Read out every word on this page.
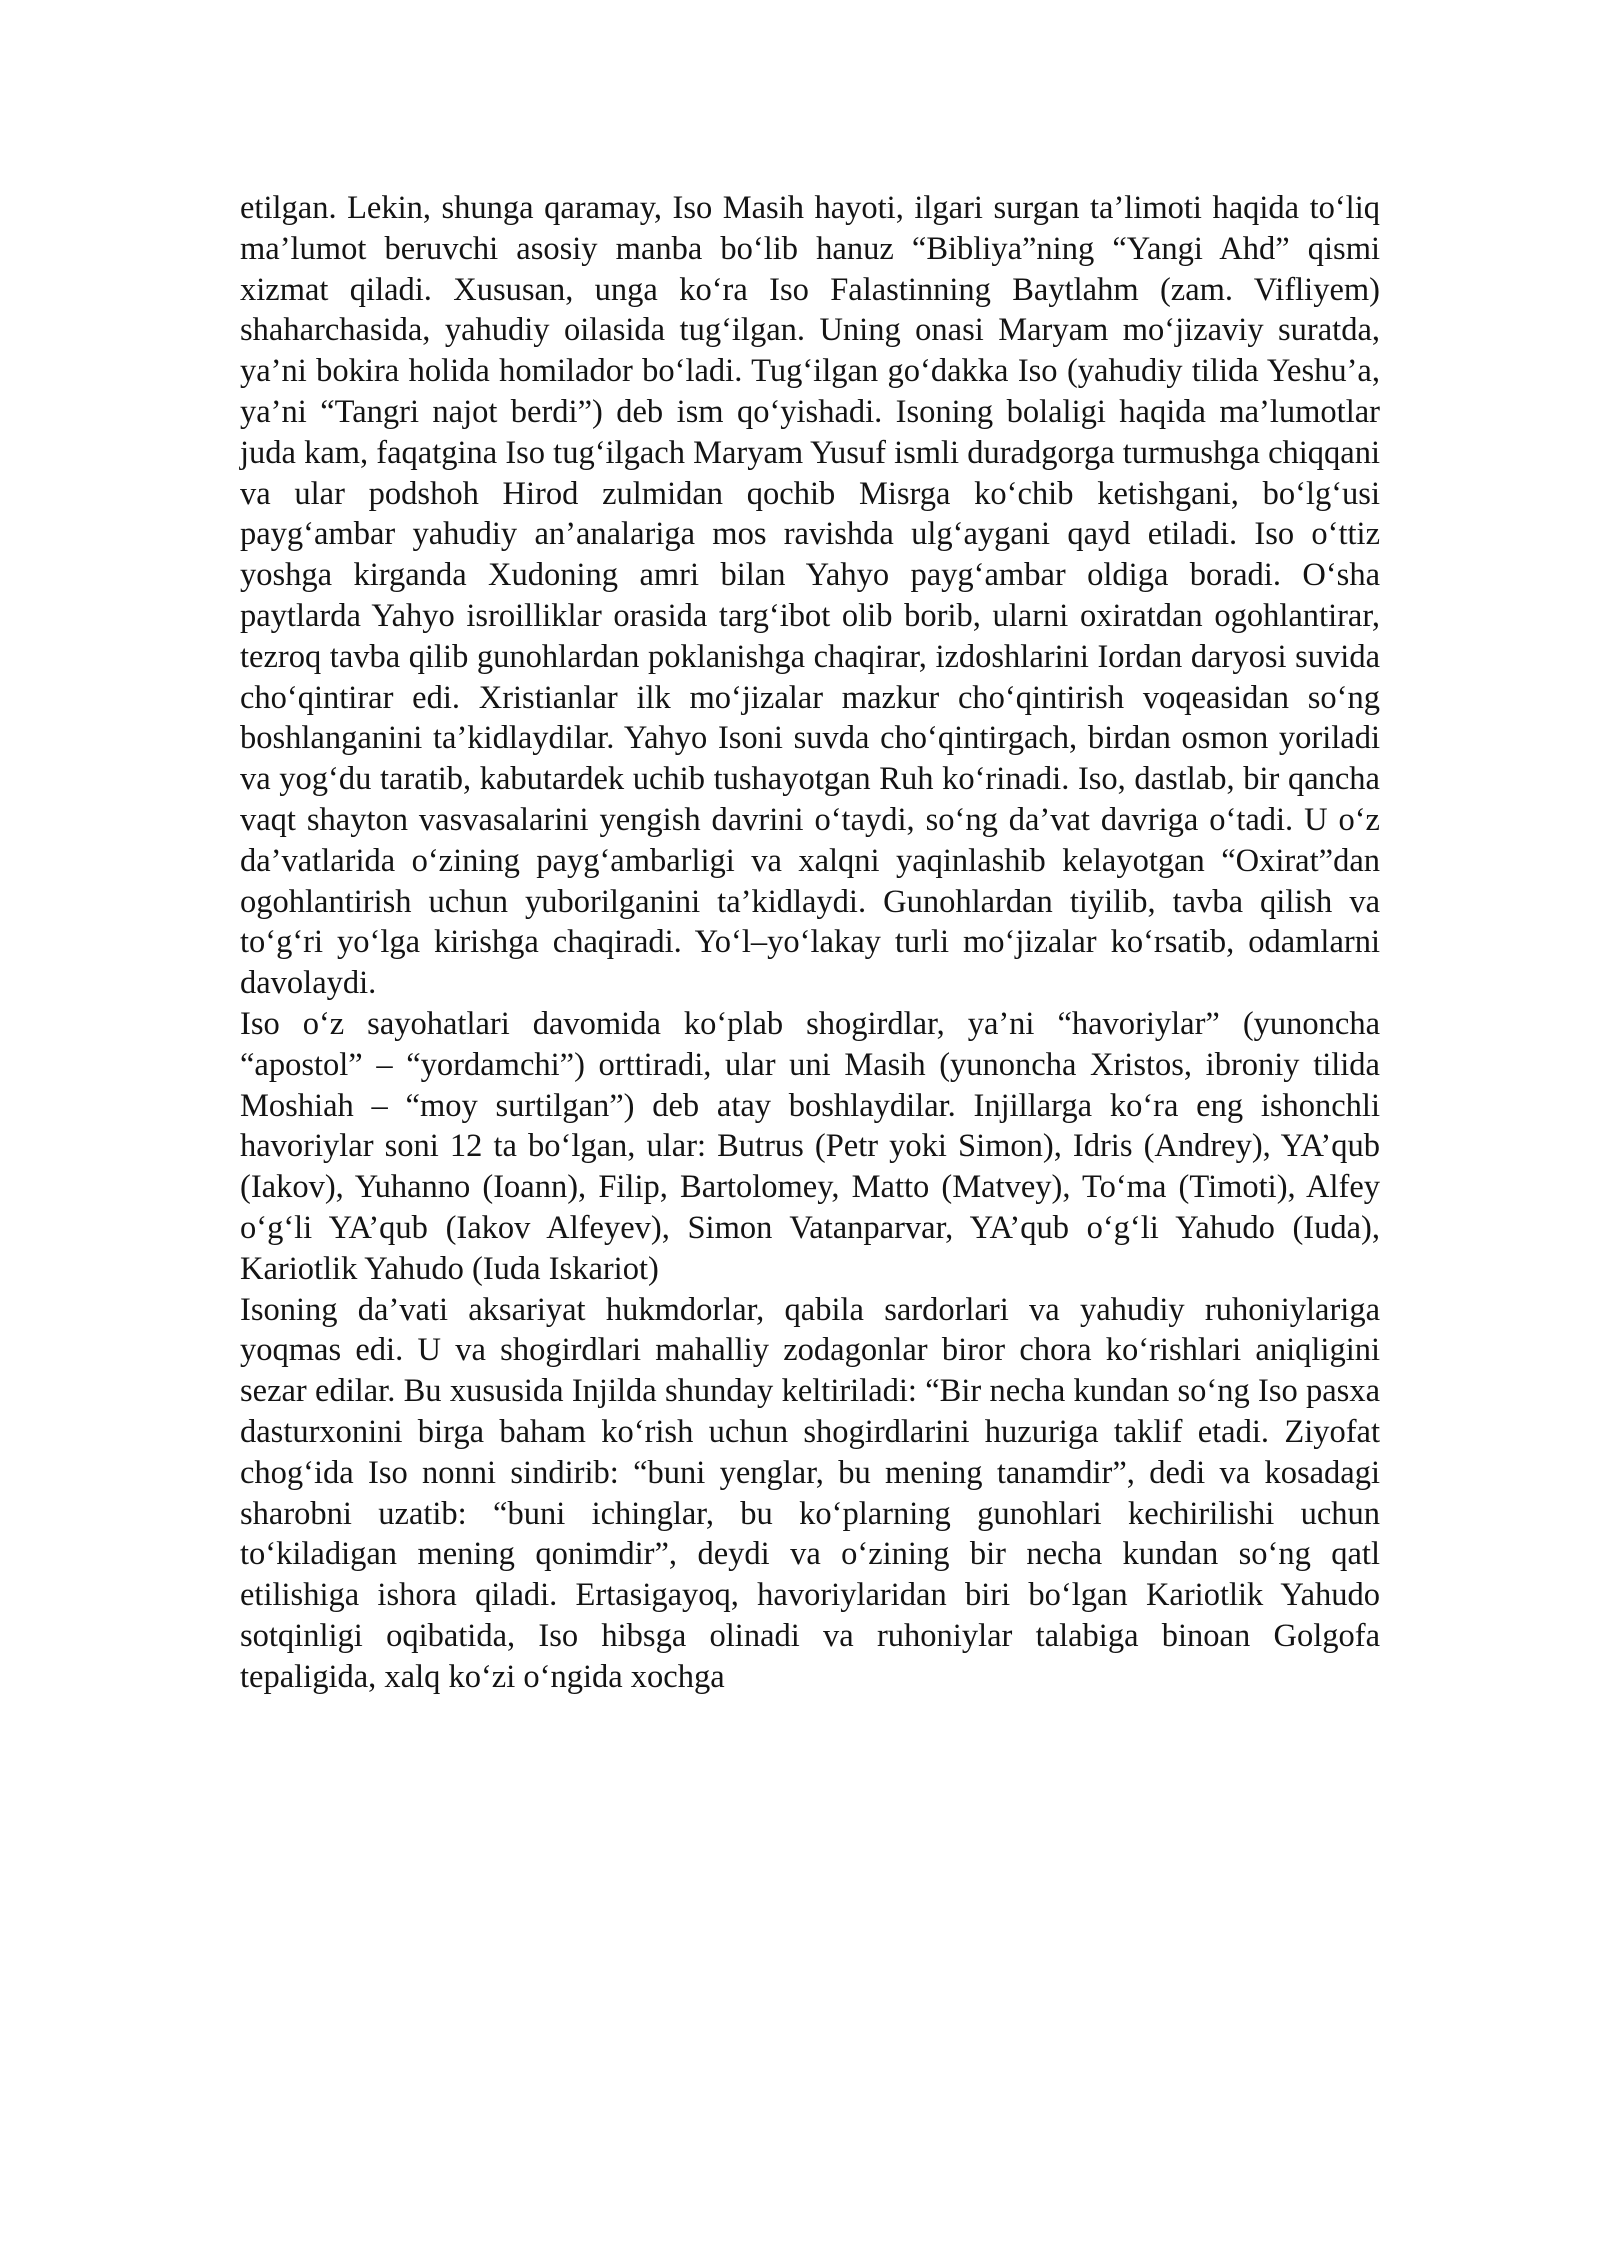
etilgan. Lekin, shunga qaramay, Iso Masih hayoti, ilgari surgan ta’limoti haqida to‘liq ma’lumot beruvchi asosiy manba bo‘lib hanuz “Bibliya”ning “Yangi Ahd” qismi xizmat qiladi. Xususan, unga ko‘ra Iso Falastinning Baytlahm (zam. Vifliyem) shaharchasida, yahudiy oilasida tug‘ilgan. Uning onasi Maryam mo‘jizaviy suratda, ya’ni bokira holida homilador bo‘ladi. Tug‘ilgan go‘dakka Iso (yahudiy tilida Yeshu’a, ya’ni “Tangri najot berdi”) deb ism qo‘yishadi. Isoning bolaligi haqida ma’lumotlar juda kam, faqatgina Iso tug‘ilgach Maryam Yusuf ismli duradgorga turmushga chiqqani va ular podshoh Hirod zulmidan qochib Misrga ko‘chib ketishgani, bo‘lg‘usi payg‘ambar yahudiy an’analariga mos ravishda ulg‘aygani qayd etiladi. Iso o‘ttiz yoshga kirganda Xudoning amri bilan Yahyo payg‘ambar oldiga boradi. O‘sha paytlarda Yahyo isroilliklar orasida targ‘ibot olib borib, ularni oxiratdan ogohlantirar, tezroq tavba qilib gunohlardan poklanishga chaqirar, izdoshlarini Iordan daryosi suvida cho‘qintirar edi. Xristianlar ilk mo‘jizalar mazkur cho‘qintirish voqeasidan so‘ng boshlanganini ta’kidlaydilar. Yahyo Isoni suvda cho‘qintirgach, birdan osmon yoriladi va yog‘du taratib, kabutardek uchib tushayotgan Ruh ko‘rinadi. Iso, dastlab, bir qancha vaqt shayton vasvasalarini yengish davrini o‘taydi, so‘ng da’vat davriga o‘tadi. U o‘z da’vatlarida o‘zining payg‘ambarligi va xalqni yaqinlashib kelayotgan “Oxirat”dan ogohlantirish uchun yuborilganini ta’kidlaydi. Gunohlardan tiyilib, tavba qilish va to‘g‘ri yo‘lga kirishga chaqiradi. Yo‘l–yo‘lakay turli mo‘jizalar ko‘rsatib, odamlarni davolaydi.

Iso o‘z sayohatlari davomida ko‘plab shogirdlar, ya’ni “havoriylar” (yunoncha “apostol” – “yordamchi”) orttiradi, ular uni Masih (yunoncha Xristos, ibroniy tilida Moshiah – “moy surtilgan”) deb atay boshlaydilar. Injillarga ko‘ra eng ishonchli havoriylar soni 12 ta bo‘lgan, ular: Butrus (Petr yoki Simon), Idris (Andrey), YA’qub (Iakov), Yuhanno (Ioann), Filip, Bartolomey, Matto (Matvey), To‘ma (Timoti), Alfey o‘g‘li YA’qub (Iakov Alfeyev), Simon Vatanparvar, YA’qub o‘g‘li Yahudo (Iuda), Kariotlik Yahudo (Iuda Iskariot)

Isoning da’vati aksariyat hukmdorlar, qabila sardorlari va yahudiy ruhoniylariga yoqmas edi. U va shogirdlari mahalliy zodagonlar biror chora ko‘rishlari aniqligini sezar edilar. Bu xususida Injilda shunday keltiriladi: “Bir necha kundan so‘ng Iso pasxa dasturxonini birga baham ko‘rish uchun shogirdlarini huzuriga taklif etadi. Ziyofat chog‘ida Iso nonni sindirib: “buni yenglar, bu mening tanamdir”, dedi va kosadagi sharobni uzatib: “buni ichinglar, bu ko‘plarning gunohlari kechirilishi uchun to‘kiladigan mening qonimdir”, deydi va o‘zining bir necha kundan so‘ng qatl etilishiga ishora qiladi. Ertasigayoq, havoriylaridan biri bo‘lgan Kariotlik Yahudo sotqinligi oqibatida, Iso hibsga olinadi va ruhoniylar talabiga binoan Golgofa tepaligida, xalq ko‘zi o‘ngida xochga
